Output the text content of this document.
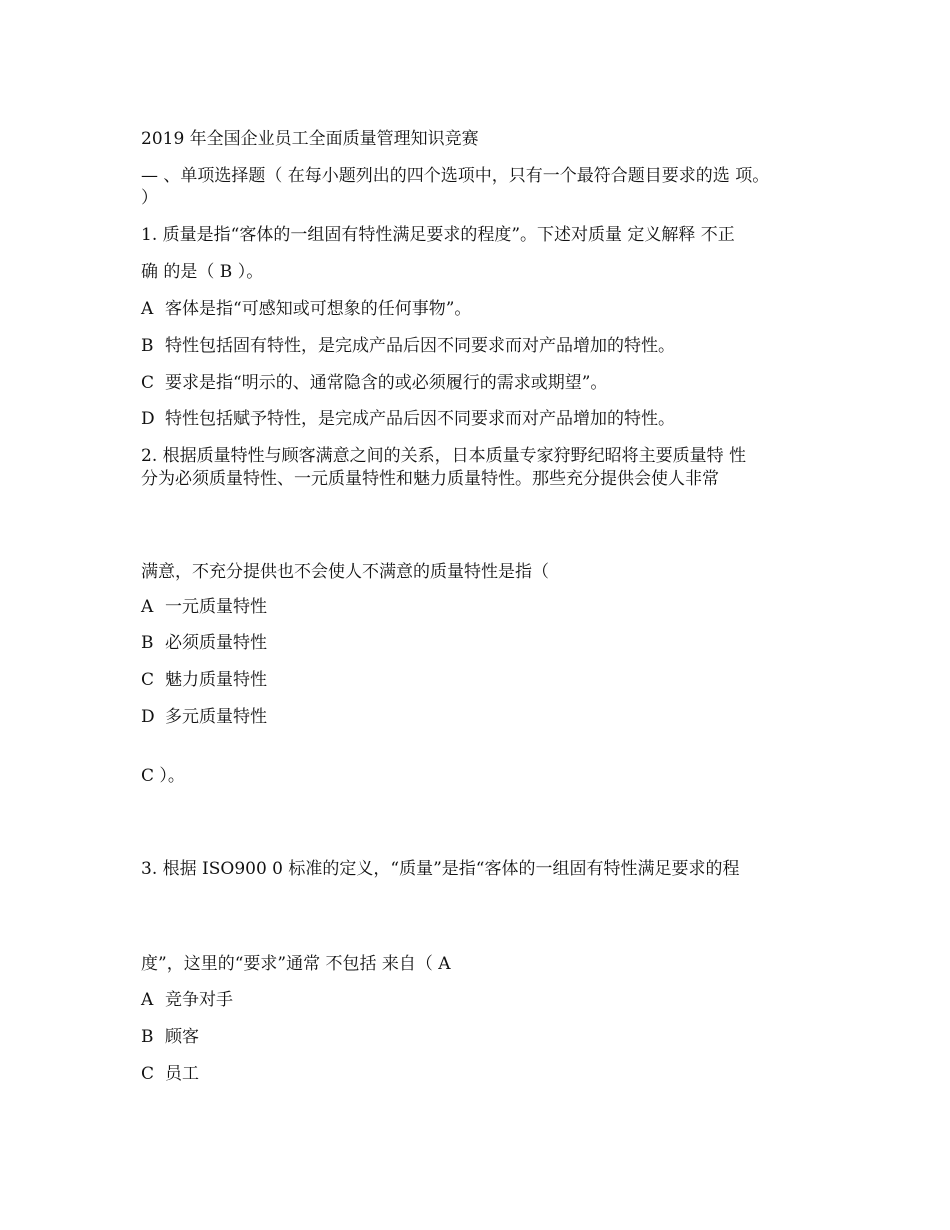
2019 年全国企业员工全面质量管理知识竞赛
— 、单项选择题（ 在每小题列出的四个选项中，只有一个最符合题目要求的选 项。
）
1. 质量是指“客体的一组固有特性满足要求的程度”。下述对质量 定义解释 不正
确 的是（ B ）。
A 客体是指“可感知或可想象的任何事物”。
B 特性包括固有特性，是完成产品后因不同要求而对产品增加的特性。
C 要求是指“明示的、通常隐含的或必须履行的需求或期望”。
D 特性包括赋予特性，是完成产品后因不同要求而对产品增加的特性。
2. 根据质量特性与顾客满意之间的关系，日本质量专家狩野纪昭将主要质量特 性
分为必须质量特性、一元质量特性和魅力质量特性。那些充分提供会使人非常
满意，不充分提供也不会使人不满意的质量特性是指（
A 一元质量特性
B 必须质量特性
C 魅力质量特性
D 多元质量特性
C ）。
3. 根据 ISO900 0 标准的定义，“质量”是指“客体的一组固有特性满足要求的程
度”，这里的“要求”通常 不包括 来自（ A
A 竞争对手
B 顾客
C 员工
